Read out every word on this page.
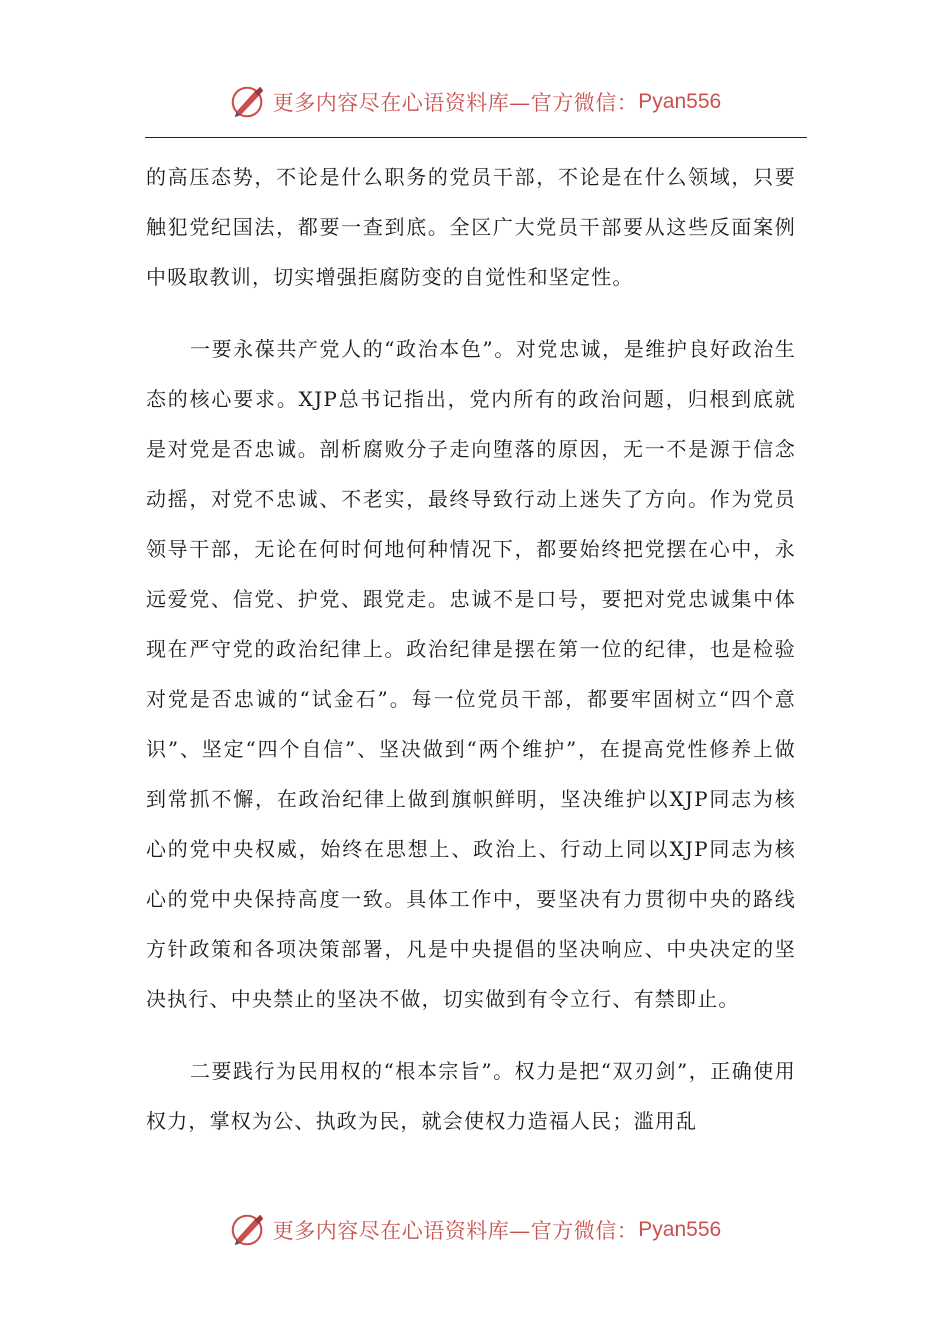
更多内容尽在心语资料库—官方微信： Pyan556

的高压态势，不论是什么职务的党员干部，不论是在什么领域，只要触犯党纪国法，都要一查到底。全区广大党员干部要从这些反面案例中吸取教训，切实增强拒腐防变的自觉性和坚定性。

一要永葆共产党人的“政治本色”。对党忠诚，是维护良好政治生态的核心要求。XJP总书记指出，党内所有的政治问题，归根到底就是对党是否忠诚。剖析腐败分子走向堕落的原因，无一不是源于信念动摇，对党不忠诚、不老实，最终导致行动上迷失了方向。作为党员领导干部，无论在何时何地何种情况下，都要始终把党摆在心中，永远爱党、信党、护党、跟党走。忠诚不是口号，要把对党忠诚集中体现在严守党的政治纪律上。政治纪律是摆在第一位的纪律，也是检验对党是否忠诚的“试金石”。每一位党员干部，都要牢固树立“四个意识”、坚定“四个自信”、坚决做到“两个维护”，在提高党性修养上做到常抓不懈，在政治纪律上做到旗帜鲜明，坚决维护以XJP同志为核心的党中央权威，始终在思想上、政治上、行动上同以XJP同志为核心的党中央保持高度一致。具体工作中，要坚决有力贯彻中央的路线方针政策和各项决策部署，凡是中央提倡的坚决响应、中央决定的坚决执行、中央禁止的坚决不做，切实做到有令立行、有禁即止。

二要践行为民用权的“根本宗旨”。权力是把“双刃剑”，正确使用权力，掌权为公、执政为民，就会使权力造福人民；滥用乱

更多内容尽在心语资料库—官方微信： Pyan556
